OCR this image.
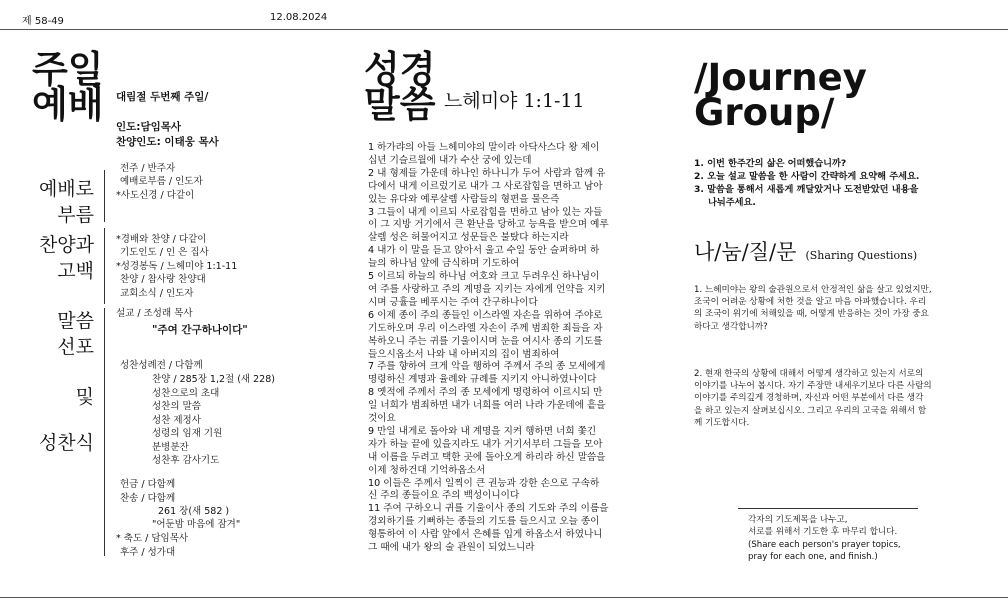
제 58-49	12.08.2024
주일
예배 대림절 두번째 주일/
인도:담임목사
찬양인도: 이태웅 목사
예배로
부름
찬양과
고백
말씀
선포
및
성찬식
전주 / 반주자
예배로부름 / 인도자
*사도신경 / 다같이
*경배와 찬양 / 다같이
기도인도 / 인 은 집사
*성경봉독 / 느헤미야 1:1-11
찬양 / 참사랑 찬양대
교회소식 / 인도자
설교 / 조성래 목사
"주여 간구하나이다"
성찬성례전 / 다함께
찬양 / 285장 1,2절 (새 228)
성찬으로의 초대
성찬의 말씀
성찬 제정사
성령의 임재 기원
분병분잔
성찬후 감사기도
헌금 / 다함께
찬송 / 다함께
261 장(새 582 )
"어둔밤 마음에 잠겨"
* 축도 / 담임목사
후주 / 성가대
성경
말씀 느헤미야 1:1-11
1 하가랴의 아들 느헤미야의 말이라 아닥사스다 왕 제이
십년 기슬르월에 내가 수산 궁에 있는데
2 내 형제들 가운데 하나인 하나니가 두어 사람과 함께 유
다에서 내게 이르렀기로 내가 그 사로잡힘을 면하고 남아
있는 유다와 예루살렘 사람들의 형편을 물은즉
3 그들이 내게 이르되 사로잡힘을 면하고 남아 있는 자들
이 그 지방 거기에서 큰 환난을 당하고 능욕을 받으며 예루
살렘 성은 허물어지고 성문들은 불탔다 하는지라
4 내가 이 말을 듣고 앉아서 울고 수일 동안 슬퍼하며 하
늘의 하나님 앞에 금식하며 기도하여
5 이르되 하늘의 하나님 여호와 크고 두려우신 하나님이
여 주를 사랑하고 주의 계명을 지키는 자에게 언약을 지키
시며 긍휼을 베푸시는 주여 간구하나이다
6 이제 종이 주의 종들인 이스라엘 자손을 위하여 주야로
기도하오며 우리 이스라엘 자손이 주께 범죄한 죄들을 자
복하오니 주는 귀를 기울이시며 눈을 여시사 종의 기도를
들으시옵소서 나와 내 아버지의 집이 범죄하여
7 주를 향하여 크게 악을 행하여 주께서 주의 종 모세에게
명령하신 계명과 율례와 규례를 지키지 아니하였나이다
8 옛적에 주께서 주의 종 모세에게 명령하여 이르시되 만
일 너희가 범죄하면 내가 너희를 여러 나라 가운데에 흩을
것이요
9 만일 내게로 돌아와 내 계명을 지켜 행하면 너희 쫓긴
자가 하늘 끝에 있을지라도 내가 거기서부터 그들을 모아
내 이름을 두려고 택한 곳에 돌아오게 하리라 하신 말씀을
이제 청하건대 기억하옵소서
10 이들은 주께서 일찍이 큰 권능과 강한 손으로 구속하
신 주의 종들이요 주의 백성이니이다
11 주여 구하오니 귀를 기울이사 종의 기도와 주의 이름을
경외하기를 기뻐하는 종들의 기도를 들으시고 오늘 종이
형통하여 이 사람 앞에서 은혜를 입게 하옵소서 하였나니
그 때에 내가 왕의 술 관원이 되었느니라
/Journey
Group/
1. 이번 한주간의 삶은 어떠했습니까?
2. 오늘 설교 말씀을 한 사람이 간략하게 요약해 주세요.
3. 말씀을 통해서 새롭게 깨달았거나 도전받았던 내용을
나눠주세요.
나/눔/질/문 (Sharing Questions)
1. 느헤미야는 왕의 술관원으로서 안정적인 삶을 살고 있었지만,
조국이 어려운 상황에 처한 것을 알고 마음 아파했습니다. 우리
의 조국이 위기에 처해있을 때, 어떻게 반응하는 것이 가장 중요
하다고 생각합니까?
2. 현재 한국의 상황에 대해서 어떻게 생각하고 있는지 서로의
이야기를 나누어 봅시다. 자기 주장만 내세우기보다 다른 사람의
이야기를 주의깊게 경청하며, 자신과 어떤 부분에서 다른 생각
을 하고 있는지 살펴보십시오. 그리고 우리의 고국을 위해서 함
께 기도합시다.
각자의 기도제목을 나누고,
서로를 위해서 기도한 후 마무리 합니다.
(Share each person's prayer topics,
pray for each one, and finish.)
